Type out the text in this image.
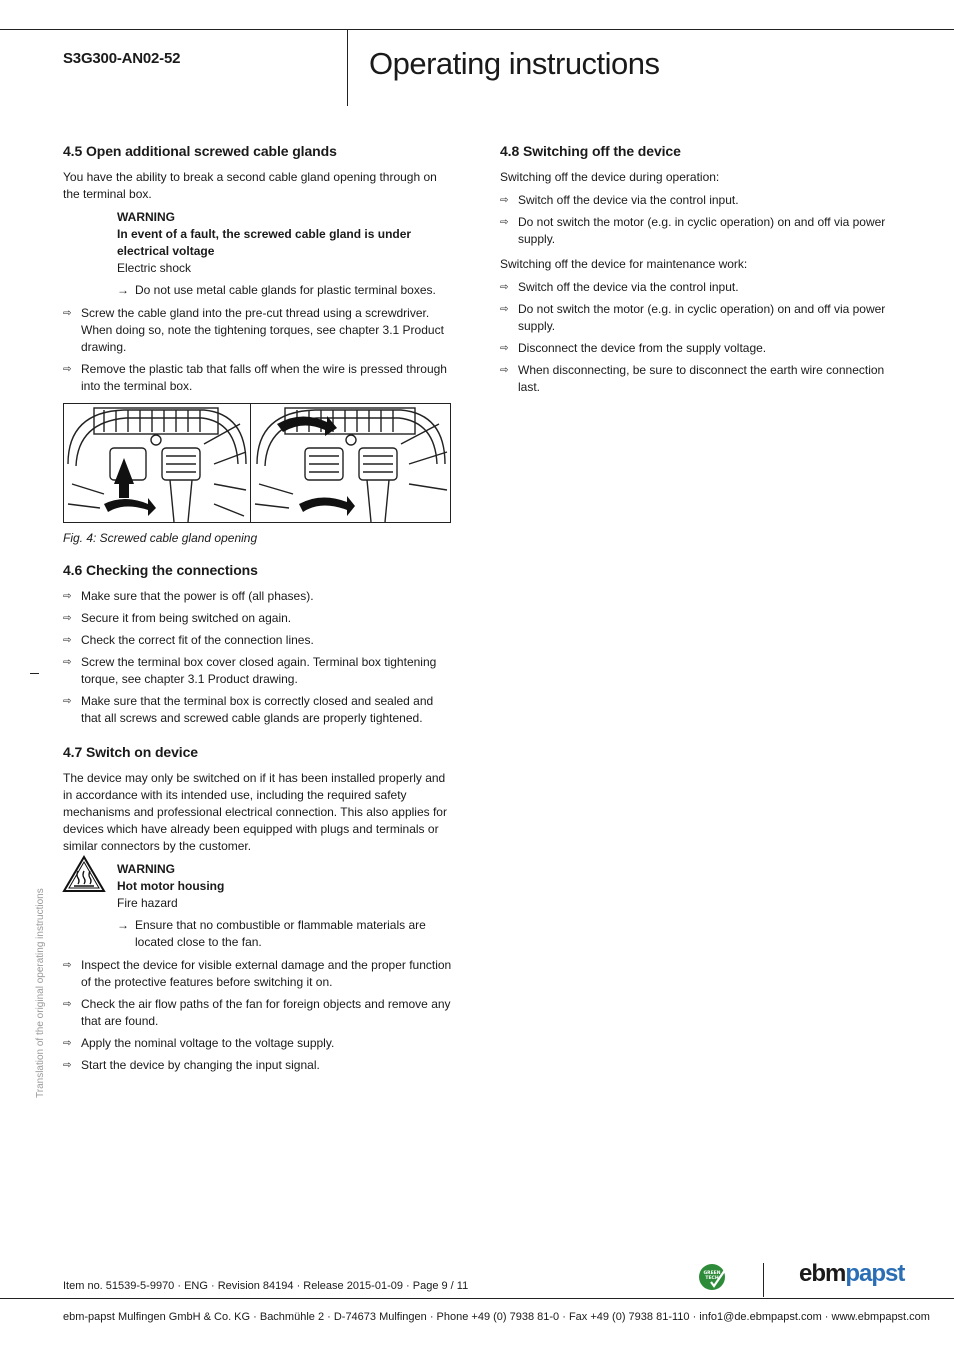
S3G300-AN02-52	Operating instructions
Translation of the original operating instructions
4.5 Open additional screwed cable glands

You have the ability to break a second cable gland opening through on the terminal box.

WARNING
In event of a fault, the screwed cable gland is under electrical voltage
Electric shock
→ Do not use metal cable glands for plastic terminal boxes.
⇨ Screw the cable gland into the pre-cut thread using a screwdriver. When doing so, note the tightening torques, see chapter 3.1 Product drawing.
⇨ Remove the plastic tab that falls off when the wire is pressed through into the terminal box.
Fig. 4: Screwed cable gland opening
4.6 Checking the connections
⇨ Make sure that the power is off (all phases).
⇨ Secure it from being switched on again.
⇨ Check the correct fit of the connection lines.
⇨ Screw the terminal box cover closed again. Terminal box tightening torque, see chapter 3.1 Product drawing.
⇨ Make sure that the terminal box is correctly closed and sealed and that all screws and screwed cable glands are properly tightened.
4.7 Switch on device

The device may only be switched on if it has been installed properly and in accordance with its intended use, including the required safety mechanisms and professional electrical connection. This also applies for devices which have already been equipped with plugs and terminals or similar connectors by the customer.

WARNING
Hot motor housing
Fire hazard
→ Ensure that no combustible or flammable materials are located close to the fan.
⇨ Inspect the device for visible external damage and the proper function of the protective features before switching it on.
⇨ Check the air flow paths of the fan for foreign objects and remove any that are found.
⇨ Apply the nominal voltage to the voltage supply.
⇨ Start the device by changing the input signal.
4.8 Switching off the device

Switching off the device during operation:

⇨ Switch off the device via the control input.
⇨ Do not switch the motor (e.g. in cyclic operation) on and off via power supply.

Switching off the device for maintenance work:

⇨ Switch off the device via the control input.
⇨ Do not switch the motor (e.g. in cyclic operation) on and off via power supply.
⇨ Disconnect the device from the supply voltage.
⇨ When disconnecting, be sure to disconnect the earth wire connection last.
Item no. 51539-5-9970 · ENG · Revision 84194 · Release 2015-01-09 · Page 9 / 11
GREEN
TECH	ebmpapst
ebm-papst Mulfingen GmbH & Co. KG · Bachmühle 2 · D-74673 Mulfingen · Phone +49 (0) 7938 81-0 · Fax +49 (0) 7938 81-110 · info1@de.ebmpapst.com · www.ebmpapst.com
